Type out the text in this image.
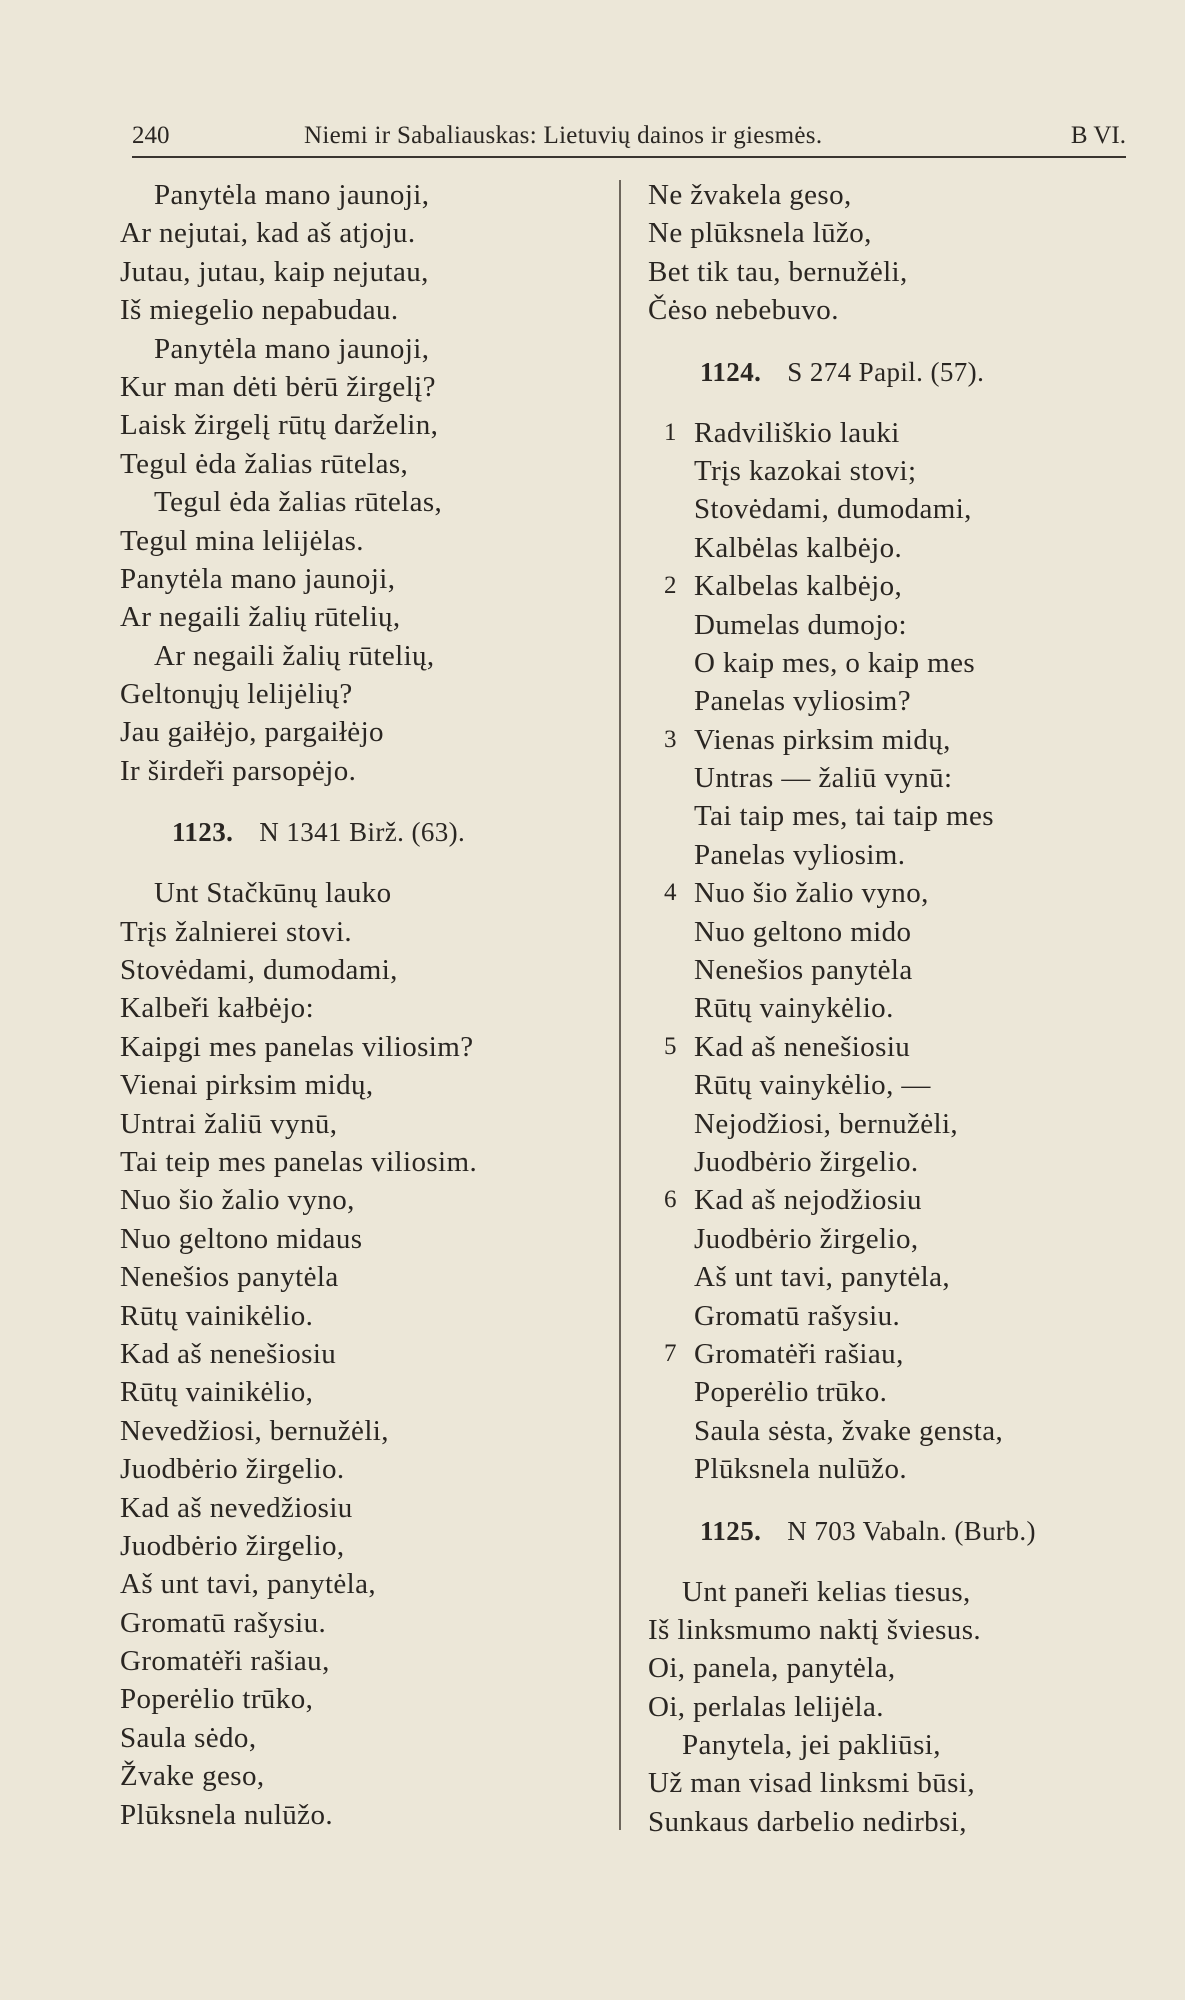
240	Niemi ir Sabaliauskas: Lietuvių dainos ir giesmės.	B VI.
Panytėla mano jaunoji,
Ar nejutai, kad aš atjoju.
Jutau, jutau, kaip nejutau,
Iš miegelio nepabudau.
Panytėla mano jaunoji,
Kur man dėti bėrū žirgelį?
Laisk žirgelį rūtų darželin,
Tegul ėda žalias rūtelas,
Tegul ėda žalias rūtelas,
Tegul mina lelijėlas.
Panytėla mano jaunoji,
Ar negaili žalių rūtelių,
Ar negaili žalių rūtelių,
Geltonųjų lelijėlių?
Jau gaiłėjo, pargaiłėjo
Ir širdeři parsopėjo.
1123. N 1341 Birž. (63).
Unt Stačkūnų lauko
Trįs žalnierei stovi.
Stovėdami, dumodami,
Kalbeři kałbėjo:
Kaipgi mes panelas viliosim?
Vienai pirksim midų,
Untrai žaliū vynū,
Tai teip mes panelas viliosim.
Nuo šio žalio vyno,
Nuo geltono midaus
Nenešios panytėla
Rūtų vainikėlio.
Kad aš nenešiosiu
Rūtų vainikėlio,
Nevedžiosi, bernužėli,
Juodbėrio žirgelio.
Kad aš nevedžiosiu
Juodbėrio žirgelio,
Aš unt tavi, panytėla,
Gromatū rašysiu.
Gromatėři rašiau,
Poperėlio trūko,
Saula sėdo,
Žvake geso,
Plūksnela nulūžo.
Ne žvakela geso,
Ne plūksnela lūžo,
Bet tik tau, bernužėli,
Čėso nebebuvo.
1124. S 274 Papil. (57).
1 Radviliškio lauki
Trįs kazokai stovi;
Stovėdami, dumodami,
Kalbėlas kalbėjo.
2 Kalbelas kalbėjo,
Dumelas dumojo:
O kaip mes, o kaip mes
Panelas vyliosim?
3 Vienas pirksim midų,
Untras — žaliū vynū:
Tai taip mes, tai taip mes
Panelas vyliosim.
4 Nuo šio žalio vyno,
Nuo geltono mido
Nenešios panytėla
Rūtų vainykėlio.
5 Kad aš nenešiosiu
Rūtų vainykėlio, —
Nejodžiosi, bernužėli,
Juodbėrio žirgelio.
6 Kad aš nejodžiosiu
Juodbėrio žirgelio,
Aš unt tavi, panytėla,
Gromatū rašysiu.
7 Gromatėři rašiau,
Poperėlio trūko.
Saula sėsta, žvake gensta,
Plūksnela nulūžo.
1125. N 703 Vabaln. (Burb.)
Unt paneři kelias tiesus,
Iš linksmumo naktį šviesus.
Oi, panela, panytėla,
Oi, perlalas lelijėla.
Panytela, jei pakliūsi,
Už man visad linksmi būsi,
Sunkaus darbelio nedirbsi,
